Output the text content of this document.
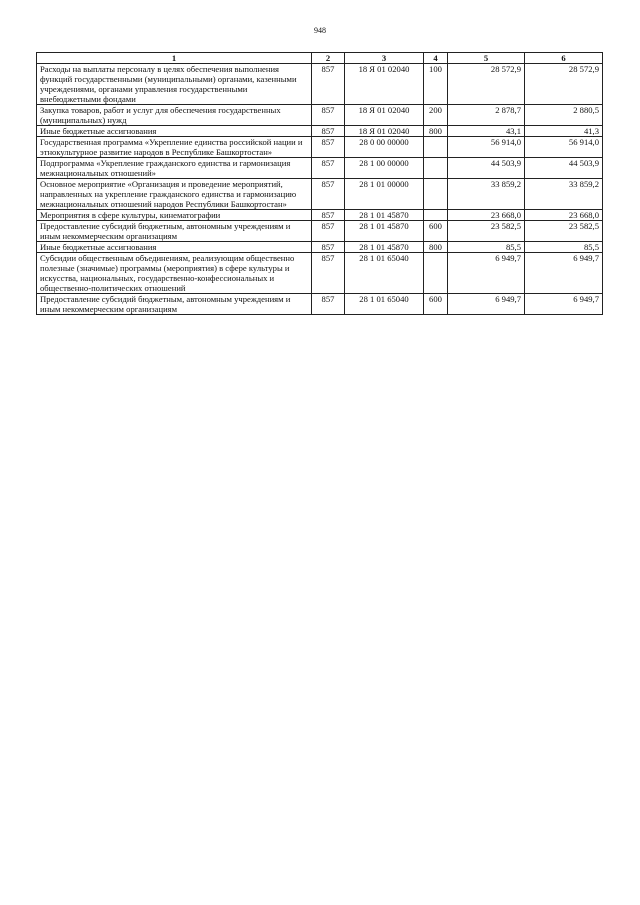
948
1	2	3	4	5	6
Расходы на выплаты персоналу в целях обеспечения выполнения функций государственными (муниципальными) органами, казенными учреждениями, органами управления государственными внебюджетными фондами	857	18 Я 01 02040	100	28 572,9	28 572,9
Закупка товаров, работ и услуг для обеспечения государственных (муниципальных) нужд	857	18 Я 01 02040	200	2 878,7	2 880,5
Иные бюджетные ассигнования	857	18 Я 01 02040	800	43,1	41,3
Государственная программа «Укрепление единства российской нации и этнокультурное развитие народов в Республике Башкортостан»	857	28 0 00 00000		56 914,0	56 914,0
Подпрограмма «Укрепление гражданского единства и гармонизация межнациональных отношений»	857	28 1 00 00000		44 503,9	44 503,9
Основное мероприятие «Организация и проведение мероприятий, направленных на укрепление гражданского единства и гармонизацию межнациональных отношений народов Республики Башкортостан»	857	28 1 01 00000		33 859,2	33 859,2
Мероприятия в сфере культуры, кинематографии	857	28 1 01 45870		23 668,0	23 668,0
Предоставление субсидий бюджетным, автономным учреждениям и иным некоммерческим организациям	857	28 1 01 45870	600	23 582,5	23 582,5
Иные бюджетные ассигнования	857	28 1 01 45870	800	85,5	85,5
Субсидии общественным объединениям, реализующим общественно полезные (значимые) программы (мероприятия) в сфере культуры и искусства, национальных, государственно-конфессиональных и общественно-политических отношений	857	28 1 01 65040		6 949,7	6 949,7
Предоставление субсидий бюджетным, автономным учреждениям и иным некоммерческим организациям	857	28 1 01 65040	600	6 949,7	6 949,7
